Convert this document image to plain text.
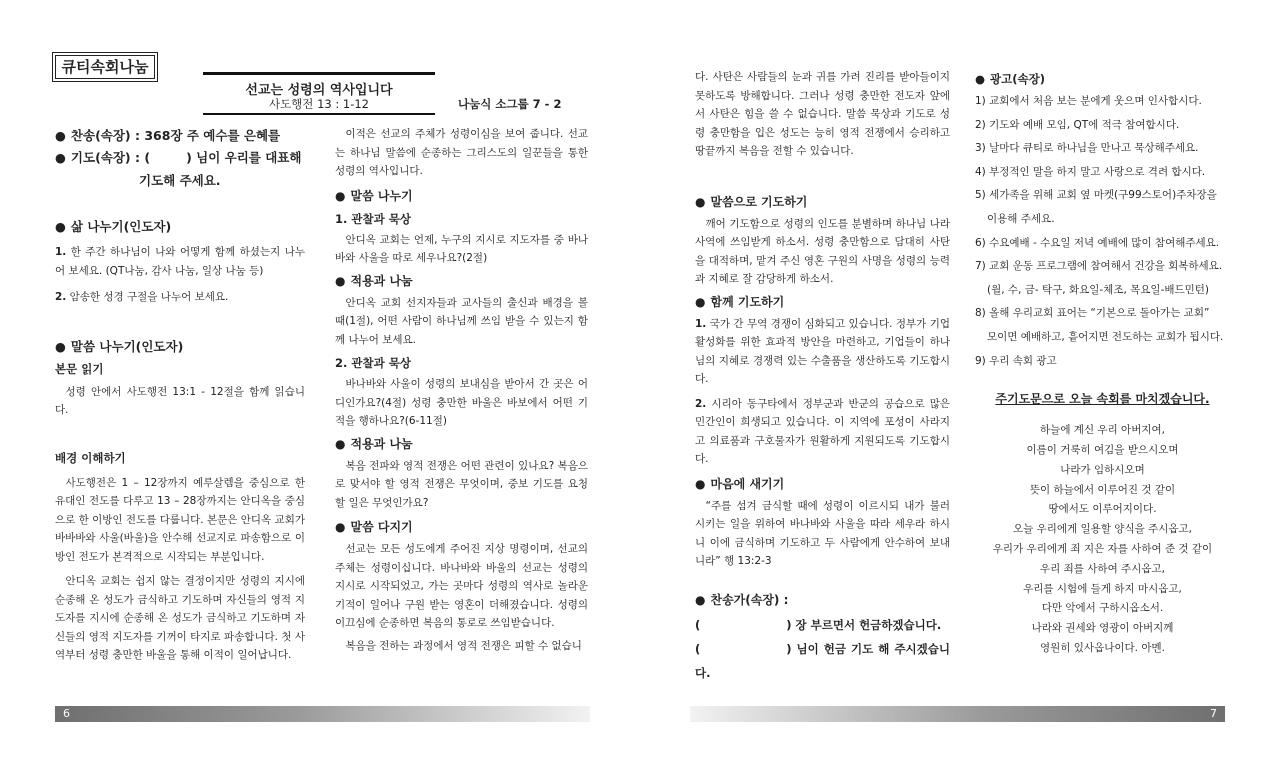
큐티속회나눔
선교는 성령의 역사입니다
사도행전 13 : 1-12	나눔식 소그룹 7 - 2

● 찬송(속장) : 368장 주 예수를 은혜를

● 기도(속장) : (	) 님이 우리를 대표해

기도해 주세요.

● 삶 나누기(인도자)

1. 한 주간 하나님이 나와 어떻게 함께 하셨는지 나누어 보세요. (QT나눔, 감사 나눔, 일상 나눔 등)

2. 암송한 성경 구절을 나누어 보세요.

● 말씀 나누기(인도자)

본문 읽기

성령 안에서 사도행전 13:1 - 12절을 함께 읽습니다.

배경 이해하기

사도행전은 1 – 12장까지 예루살렘을 중심으로 한 유대인 전도를 다루고 13 – 28장까지는 안디옥을 중심으로 한 이방인 전도를 다룹니다. 본문은 안디옥 교회가 바바바와 사울(바울)을 안수해 선교지로 파송함으로 이방인 전도가 본격적으로 시작되는 부분입니다.

안디옥 교회는 쉽지 않는 결정이지만 성령의 지시에 순종해 온 성도가 금식하고 기도하며 자신들의 영적 지도자를 지시에 순종해 온 성도가 금식하고 기도하며 자신들의 영적 지도자를 기꺼이 타지로 파송합니다. 첫 사역부터 성령 충만한 바울을 통해 이적이 일어납니다.

이적은 선교의 주체가 성령이심을 보여 줍니다. 선교는 하나님 말씀에 순종하는 그리스도의 일꾼들을 통한 성령의 역사입니다.

● 말씀 나누기

1. 관찰과 묵상

안디옥 교회는 언제, 누구의 지시로 지도자를 중 바나바와 사울을 따로 세우나요?(2절)

● 적용과 나눔

안디옥 교회 선지자들과 교사들의 출신과 배경을 볼 때(1절), 어떤 사람이 하나님께 쓰임 받을 수 있는지 함께 나누어 보세요.

2. 관찰과 묵상

바나바와 사울이 성령의 보내심을 받아서 간 곳은 어디인가요?(4절) 성령 충만한 바울은 바보에서 어떤 기적을 행하나요?(6-11절)

● 적용과 나눔

복음 전파와 영적 전쟁은 어떤 관련이 있나요? 복음으로 맞서야 할 영적 전쟁은 무엇이며, 중보 기도를 요청할 일은 무엇인가요?

● 말씀 다지기

선교는 모든 성도에게 주어진 지상 명령이며, 선교의 주체는 성령이십니다. 바나바와 바울의 선교는 성령의 지시로 시작되었고, 가는 곳마다 성령의 역사로 놀라운 기적이 일어나 구원 받는 영혼이 더해졌습니다. 성령의 이끄심에 순종하면 복음의 통로로 쓰임받습니다.

복음을 전하는 과정에서 영적 전쟁은 피할 수 없습니

다. 사탄은 사람들의 눈과 귀를 가려 진리를 받아들이지 못하도록 방해합니다. 그러나 성령 충만한 전도자 앞에서 사탄은 힘을 쓸 수 없습니다. 말씀 묵상과 기도로 성령 충만함을 입은 성도는 능히 영적 전쟁에서 승리하고 땅끝까지 복음을 전할 수 있습니다.

● 말씀으로 기도하기

깨어 기도함으로 성령의 인도를 분별하며 하나님 나라 사역에 쓰임받게 하소서. 성령 충만함으로 담대히 사탄을 대적하며, 맡겨 주신 영혼 구원의 사명을 성령의 능력과 지혜로 잘 감당하게 하소서.

● 함께 기도하기

1. 국가 간 무역 경쟁이 심화되고 있습니다. 정부가 기업 활성화를 위한 효과적 방안을 마련하고, 기업들이 하나님의 지혜로 경쟁력 있는 수출품을 생산하도록 기도합시다.

2. 시리아 동구타에서 정부군과 반군의 공습으로 많은 민간인이 희생되고 있습니다. 이 지역에 포성이 사라지고 의료품과 구호물자가 원활하게 지원되도록 기도합시다.

● 마음에 새기기

“주를 섬겨 금식할 때에 성령이 이르시되 내가 불러 시키는 일을 위하여 바나바와 사울을 따라 세우라 하시니 이에 금식하며 기도하고 두 사람에게 안수하여 보내니라” 행 13:2-3

● 찬송가(속장) :

(	) 장 부르면서 헌금하겠습니다.

(	) 님이 헌금 기도 해 주시겠습니다.

● 광고(속장)

1) 교회에서 처음 보는 분에게 웃으며 인사합시다.

2) 기도와 예배 모임, QT에 적극 참여합시다.

3) 날마다 큐티로 하나님을 만나고 묵상해주세요.

4) 부정적인 말을 하지 말고 사랑으로 격려 합시다.

5) 세가족을 위해 교회 옆 마켓(구99스토어)주차장을

이용해 주세요.

6) 수요예배 - 수요일 저녁 예배에 많이 참여해주세요.

7) 교회 운동 프로그램에 참여해서 건강을 회복하세요.

(월, 수, 금- 탁구, 화요일-체조, 목요일-배드민턴)

8) 올해 우리교회 표어는 “기본으로 돌아가는 교회”

모이면 예배하고, 흩어지면 전도하는 교회가 됩시다.

9) 우리 속회 광고

주기도문으로 오늘 속회를 마치겠습니다.

하늘에 계신 우리 아버지여,

이름이 거룩히 여김을 받으시오며

나라가 임하시오며

뜻이 하늘에서 이루어진 것 같이

땅에서도 이루어지이다.

오늘 우리에게 일용할 양식을 주시옵고,

우리가 우리에게 죄 지은 자를 사하여 준 것 같이

우리 죄를 사하여 주시옵고,

우리를 시험에 들게 하지 마시옵고,

다만 악에서 구하시옵소서.

나라와 권세와 영광이 아버지께

영원히 있사옵나이다. 아멘.

6	7
